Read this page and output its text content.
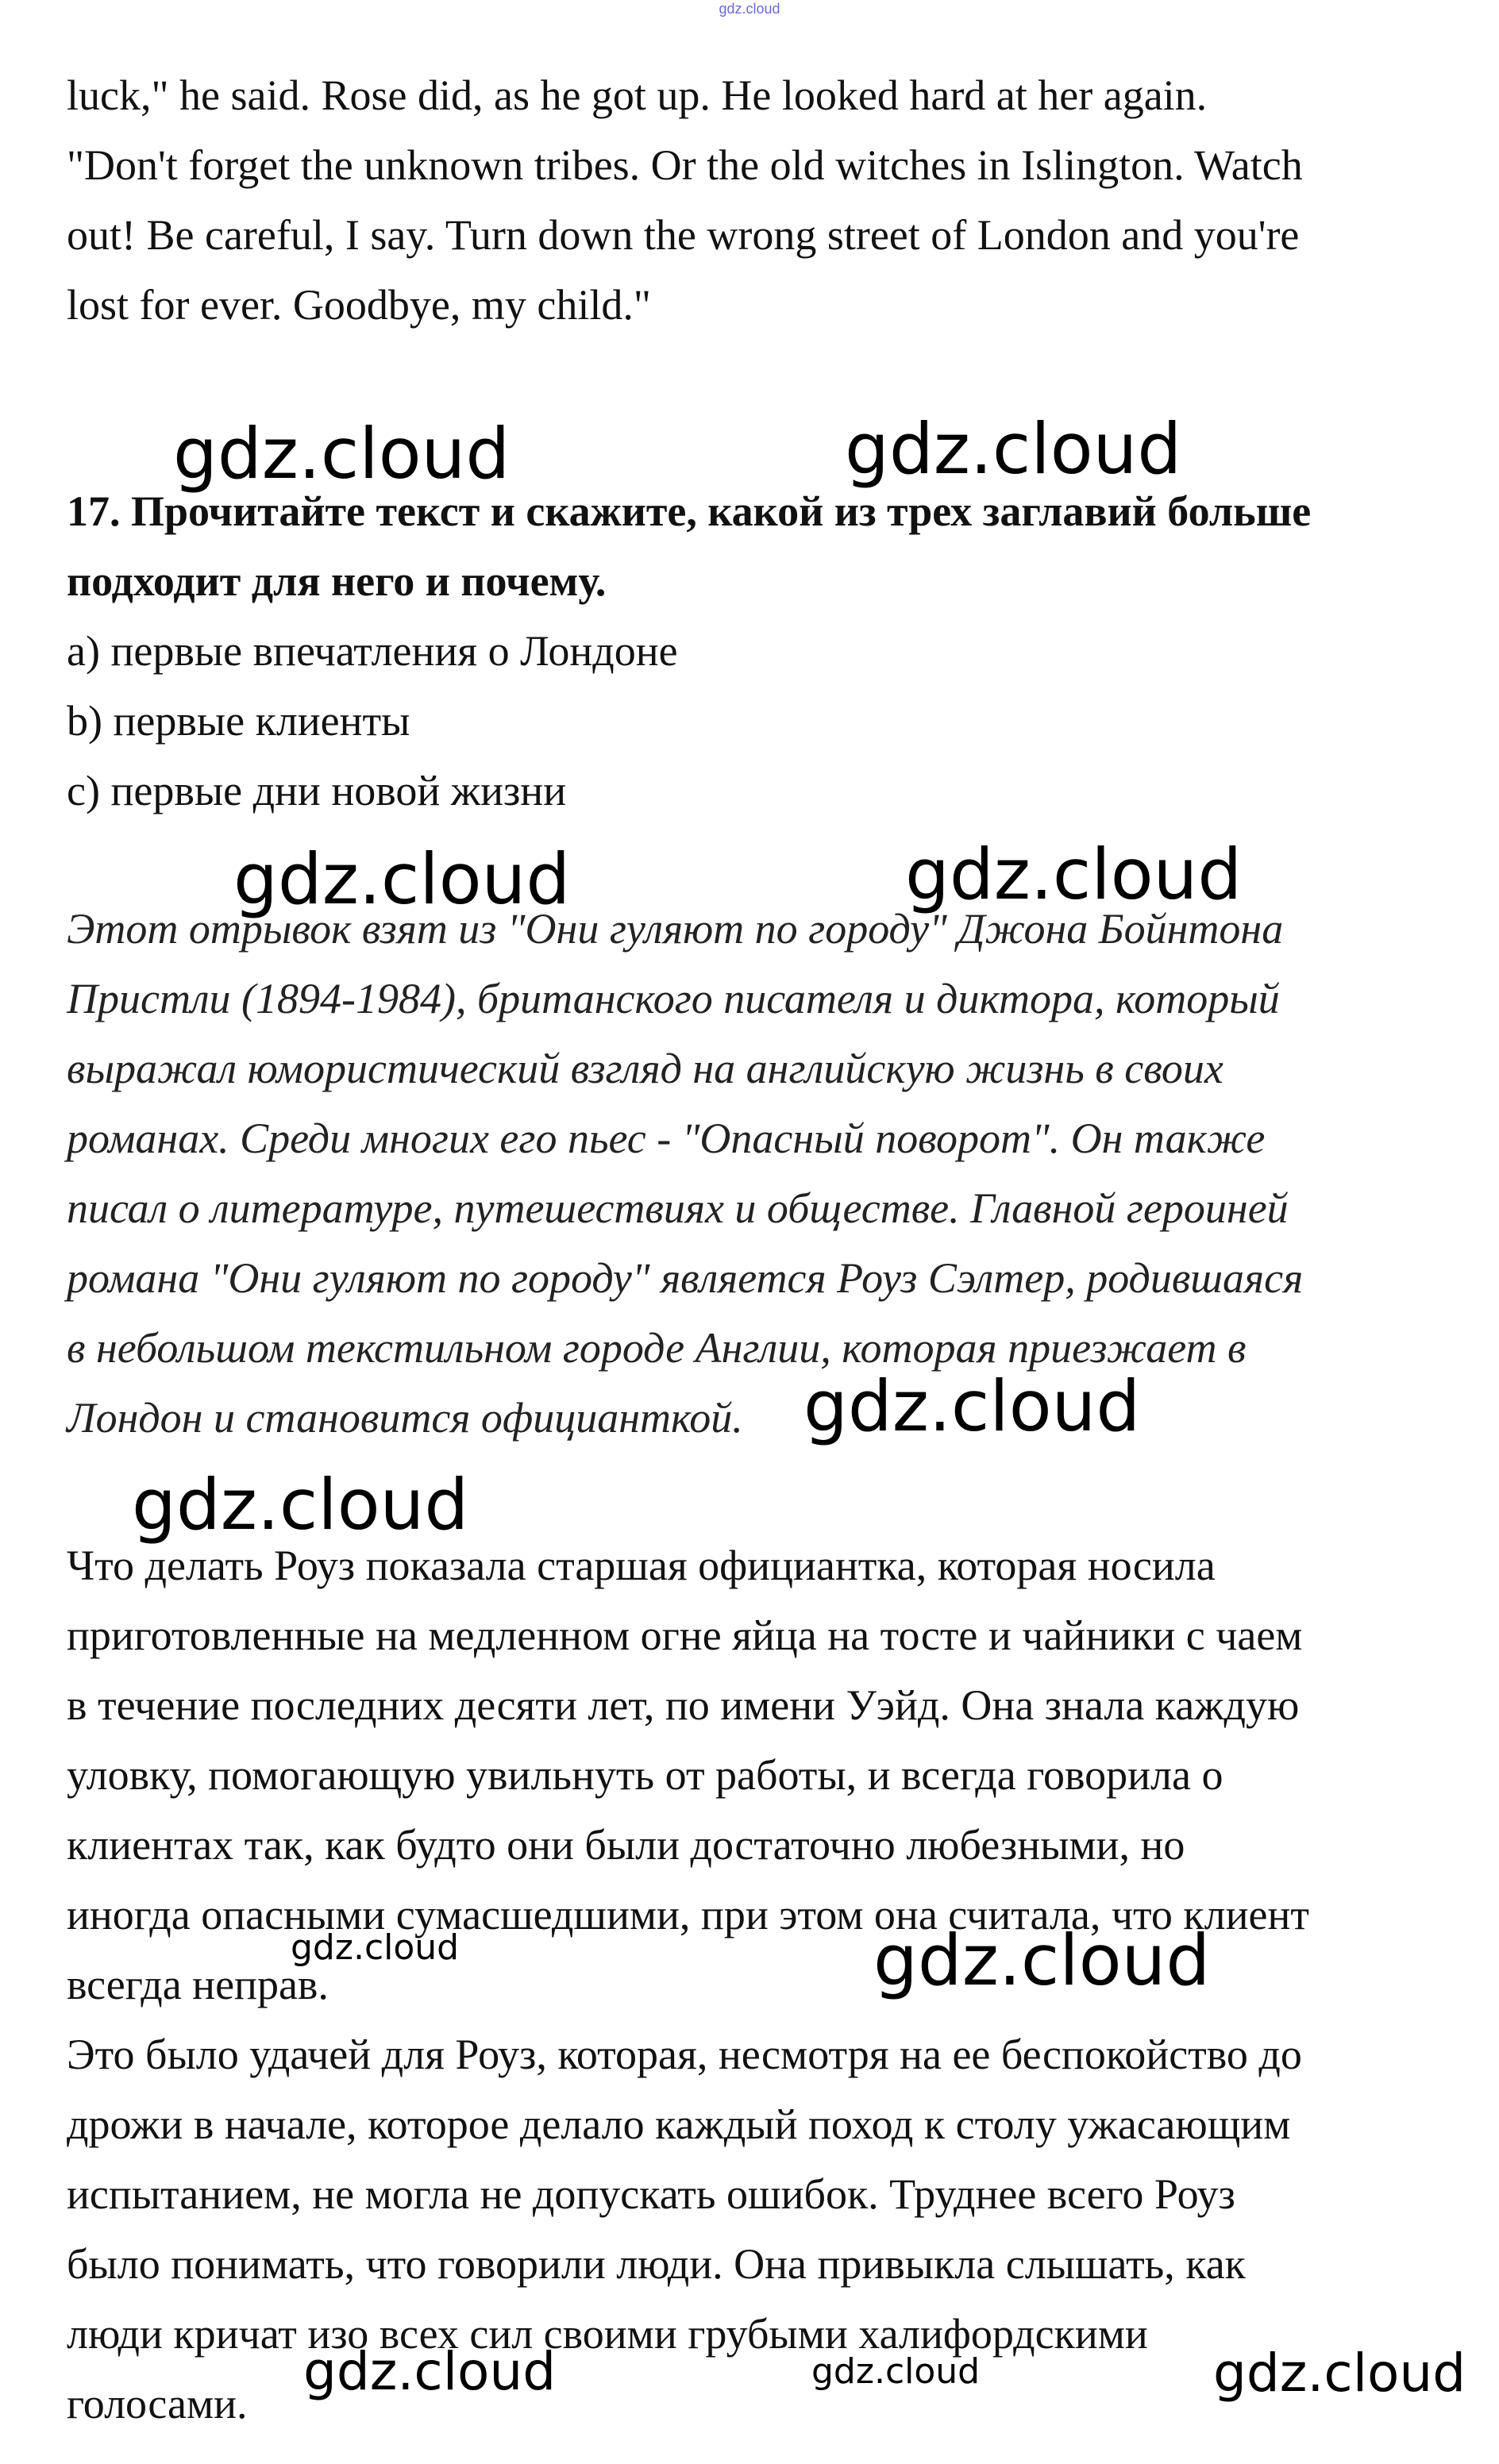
gdz.cloud
luck," he said. Rose did, as he got up. He looked hard at her again.
"Don't forget the unknown tribes. Or the old witches in Islington. Watch
out! Be careful, I say. Turn down the wrong street of London and you're
lost for ever. Goodbye, my child."
17. Прочитайте текст и скажите, какой из трех заглавий больше
подходит для него и почему.
a) первые впечатления о Лондоне
b) первые клиенты
c) первые дни новой жизни
Этот отрывок взят из "Они гуляют по городу" Джона Бойнтона
Пристли (1894-1984), британского писателя и диктора, который
выражал юмористический взгляд на английскую жизнь в своих
романах. Среди многих его пьес - "Опасный поворот". Он также
писал о литературе, путешествиях и обществе. Главной героиней
романа "Они гуляют по городу" является Роуз Сэлтер, родившаяся
в небольшом текстильном городе Англии, которая приезжает в
Лондон и становится официанткой.
Что делать Роуз показала старшая официантка, которая носила
приготовленные на медленном огне яйца на тосте и чайники с чаем
в течение последних десяти лет, по имени Уэйд. Она знала каждую
уловку, помогающую увильнуть от работы, и всегда говорила о
клиентах так, как будто они были достаточно любезными, но
иногда опасными сумасшедшими, при этом она считала, что клиент
всегда неправ.
Это было удачей для Роуз, которая, несмотря на ее беспокойство до
дрожи в начале, которое делало каждый поход к столу ужасающим
испытанием, не могла не допускать ошибок. Труднее всего Роуз
было понимать, что говорили люди. Она привыкла слышать, как
люди кричат изо всех сил своими грубыми халифордскими
голосами.
gdz.cloud	gdz.cloud
gdz.cloud	gdz.cloud
gdz.cloud
gdz.cloud
gdz.cloud	gdz.cloud
gdz.cloud	gdz.cloud	gdz.cloud
